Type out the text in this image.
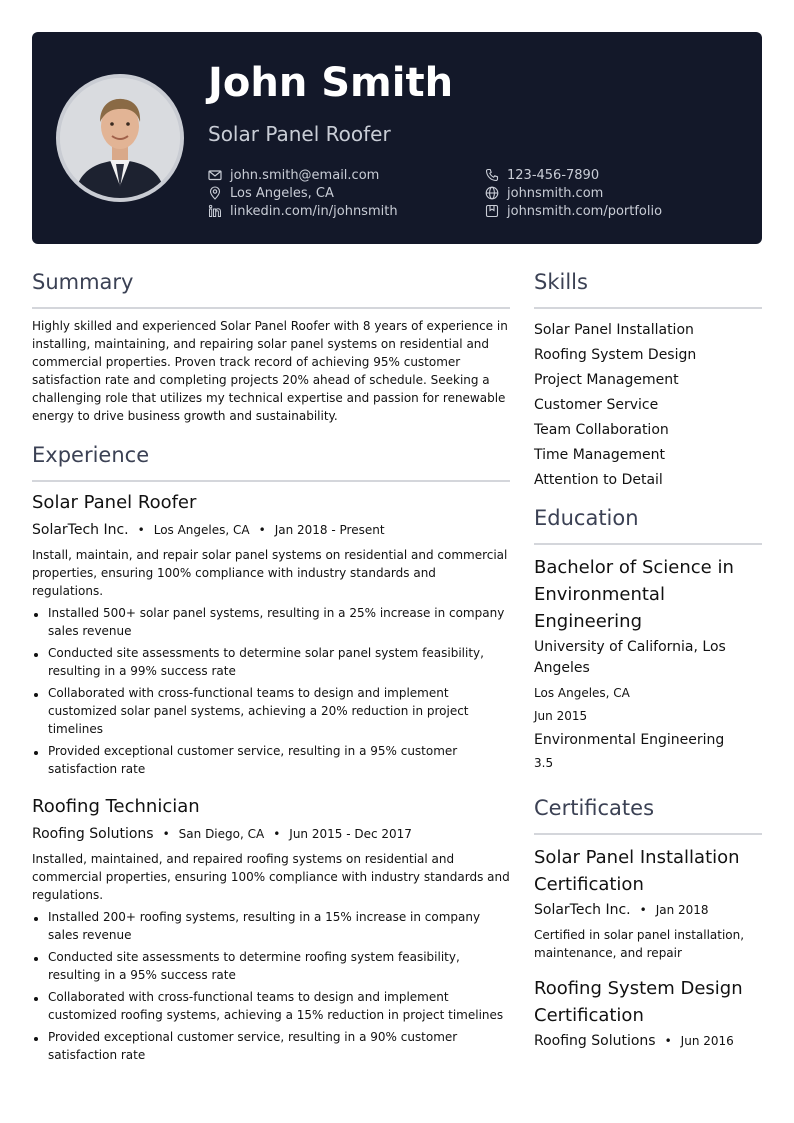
John Smith
Solar Panel Roofer
john.smith@email.com	123-456-7890
Los Angeles, CA	johnsmith.com
linkedin.com/in/johnsmith	johnsmith.com/portfolio
Summary
Highly skilled and experienced Solar Panel Roofer with 8 years of experience in installing, maintaining, and repairing solar panel systems on residential and commercial properties. Proven track record of achieving 95% customer satisfaction rate and completing projects 20% ahead of schedule. Seeking a challenging role that utilizes my technical expertise and passion for renewable energy to drive business growth and sustainability.
Experience
Solar Panel Roofer
SolarTech Inc. • Los Angeles, CA • Jan 2018 - Present
Install, maintain, and repair solar panel systems on residential and commercial properties, ensuring 100% compliance with industry standards and regulations.
Installed 500+ solar panel systems, resulting in a 25% increase in company sales revenue
Conducted site assessments to determine solar panel system feasibility, resulting in a 99% success rate
Collaborated with cross-functional teams to design and implement customized solar panel systems, achieving a 20% reduction in project timelines
Provided exceptional customer service, resulting in a 95% customer satisfaction rate
Roofing Technician
Roofing Solutions • San Diego, CA • Jun 2015 - Dec 2017
Installed, maintained, and repaired roofing systems on residential and commercial properties, ensuring 100% compliance with industry standards and regulations.
Installed 200+ roofing systems, resulting in a 15% increase in company sales revenue
Conducted site assessments to determine roofing system feasibility, resulting in a 95% success rate
Collaborated with cross-functional teams to design and implement customized roofing systems, achieving a 15% reduction in project timelines
Provided exceptional customer service, resulting in a 90% customer satisfaction rate
Skills
Solar Panel Installation
Roofing System Design
Project Management
Customer Service
Team Collaboration
Time Management
Attention to Detail
Education
Bachelor of Science in Environmental Engineering
University of California, Los Angeles
Los Angeles, CA
Jun 2015
Environmental Engineering
3.5
Certificates
Solar Panel Installation Certification
SolarTech Inc. • Jan 2018
Certified in solar panel installation, maintenance, and repair
Roofing System Design Certification
Roofing Solutions • Jun 2016
